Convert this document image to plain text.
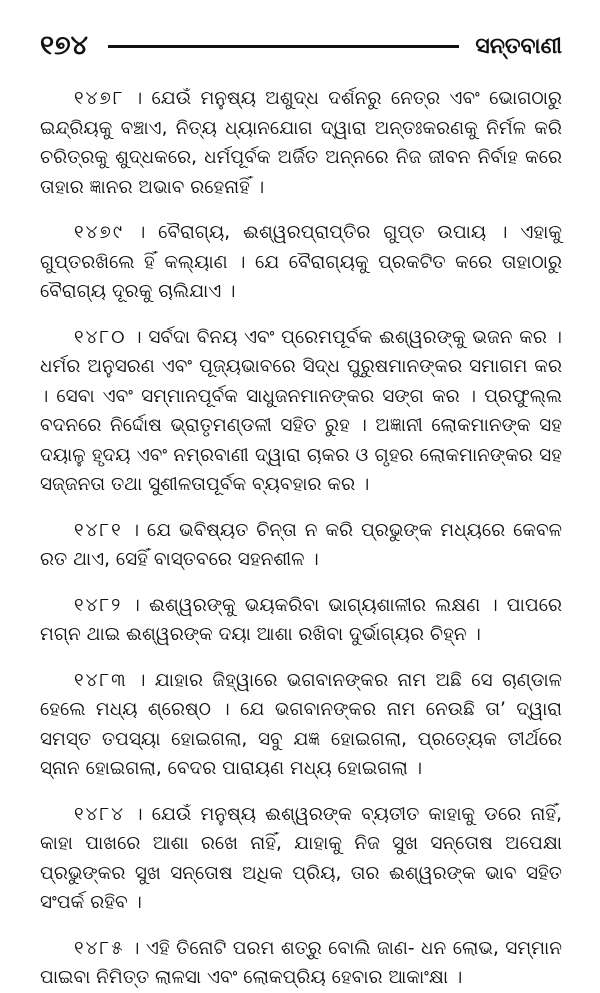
୧୭୪	ସନ୍ତବାଣୀ

୧୪୭୮ । ଯେଉଁ ମନୁଷ୍ୟ ଅଶୁଦ୍ଧ ଦର୍ଶନରୁ ନେତ୍ର ଏବଂ ଭୋଗଠାରୁ ଇନ୍ଦ୍ରିୟକୁ ବଞ୍ଚାଏ, ନିତ୍ୟ ଧ୍ୟାନଯୋଗ ଦ୍ୱାରା ଅନ୍ତଃକରଣକୁ ନିର୍ମଳ କରି ଚରିତ୍ରକୁ ଶୁଦ୍ଧକରେ, ଧର୍ମପୂର୍ବକ ଅର୍ଜିତ ଅନ୍ନରେ ନିଜ ଜୀବନ ନିର୍ବାହ କରେ ତାହାର ଜ୍ଞାନର ଅଭାବ ରହେନାହିଁ ।

୧୪୭୯ । ବୈରାଗ୍ୟ, ଈଶ୍ୱରପ୍ରାପ୍ତିର ଗୁପ୍ତ ଉପାୟ । ଏହାକୁ ଗୁପ୍ତରଖିଲେ ହିଁ କଲ୍ୟାଣ । ଯେ ବୈରାଗ୍ୟକୁ ପ୍ରକଟିତ କରେ ତାହାଠାରୁ ବୈରାଗ୍ୟ ଦୂରକୁ ଚାଲିଯାଏ ।

୧୪୮୦ । ସର୍ବଦା ବିନୟ ଏବଂ ପ୍ରେମପୂର୍ବକ ଈଶ୍ୱରଙ୍କୁ ଭଜନ କର । ଧର୍ମର ଅନୁସରଣ ଏବଂ ପୂଜ୍ୟଭାବରେ ସିଦ୍ଧ ପୁରୁଷମାନଙ୍କର ସମାଗମ କର । ସେବା ଏବଂ ସମ୍ମାନପୂର୍ବକ ସାଧୁଜନମାନଙ୍କର ସଙ୍ଗ କର । ପ୍ରଫୁଲ୍ଲ ବଦନରେ ନିର୍ଦ୍ଦୋଷ ଭ୍ରାତୃମଣ୍ଡଳୀ ସହିତ ରୁହ । ଅଜ୍ଞାନୀ ଲୋକମାନଙ୍କ ସହ ଦୟାଳୁ ହୃଦୟ ଏବଂ ନମ୍ରବାଣୀ ଦ୍ୱାରା ଚାକର ଓ ଗୃହର ଲୋକମାନଙ୍କର ସହ ସଜ୍ଜନତା ତଥା ସୁଶୀଳତାପୂର୍ବକ ବ୍ୟବହାର କର ।

୧୪୮୧ । ଯେ ଭବିଷ୍ୟତ ଚିନ୍ତା ନ କରି ପ୍ରଭୁଙ୍କ ମଧ୍ୟରେ କେବଳ ରତ ଥାଏ, ସେହିଁ ବାସ୍ତବରେ ସହନଶୀଳ ।

୧୪୮୨ । ଈଶ୍ୱରଙ୍କୁ ଭୟକରିବା ଭାଗ୍ୟଶାଳୀର ଲକ୍ଷଣ । ପାପରେ ମଗ୍ନ ଥାଇ ଈଶ୍ୱରଙ୍କ ଦୟା ଆଶା ରଖିବା ଦୁର୍ଭାଗ୍ୟର ଚିହ୍ନ ।

୧୪୮୩ । ଯାହାର ଜିହ୍ୱାରେ ଭଗବାନଙ୍କର ନାମ ଅଛି ସେ ଚାଣ୍ଡାଳ ହେଲେ ମଧ୍ୟ ଶ୍ରେଷ୍ଠ । ଯେ ଭଗବାନଙ୍କର ନାମ ନେଉଛି ତା’ ଦ୍ୱାରା ସମସ୍ତ ତପସ୍ୟା ହୋଇଗଲା, ସବୁ ଯଜ୍ଞ ହୋଇଗଲା, ପ୍ରତ୍ୟେକ ତୀର୍ଥରେ ସ୍ନାନ ହୋଇଗଲା, ବେଦର ପାରାୟଣ ମଧ୍ୟ ହୋଇଗଲା ।

୧୪୮୪ । ଯେଉଁ ମନୁଷ୍ୟ ଈଶ୍ୱରଙ୍କ ବ୍ୟତୀତ କାହାକୁ ଡରେ ନାହିଁ, କାହା ପାଖରେ ଆଶା ରଖେ ନାହିଁ, ଯାହାକୁ ନିଜ ସୁଖ ସନ୍ତୋଷ ଅପେକ୍ଷା ପ୍ରଭୁଙ୍କର ସୁଖ ସନ୍ତୋଷ ଅଧିକ ପ୍ରିୟ, ତାର ଈଶ୍ୱରଙ୍କ ଭାବ ସହିତ ସଂପର୍କ ରହିବ ।

୧୪୮୫ । ଏହି ତିନୋଟି ପରମ ଶତ୍ରୁ ବୋଲି ଜାଣ- ଧନ ଲୋଭ, ସମ୍ମାନ ପାଇବା ନିମିତ୍ତ ଲାଳସା ଏବଂ ଲୋକପ୍ରିୟ ହେବାର ଆକାଂକ୍ଷା ।
